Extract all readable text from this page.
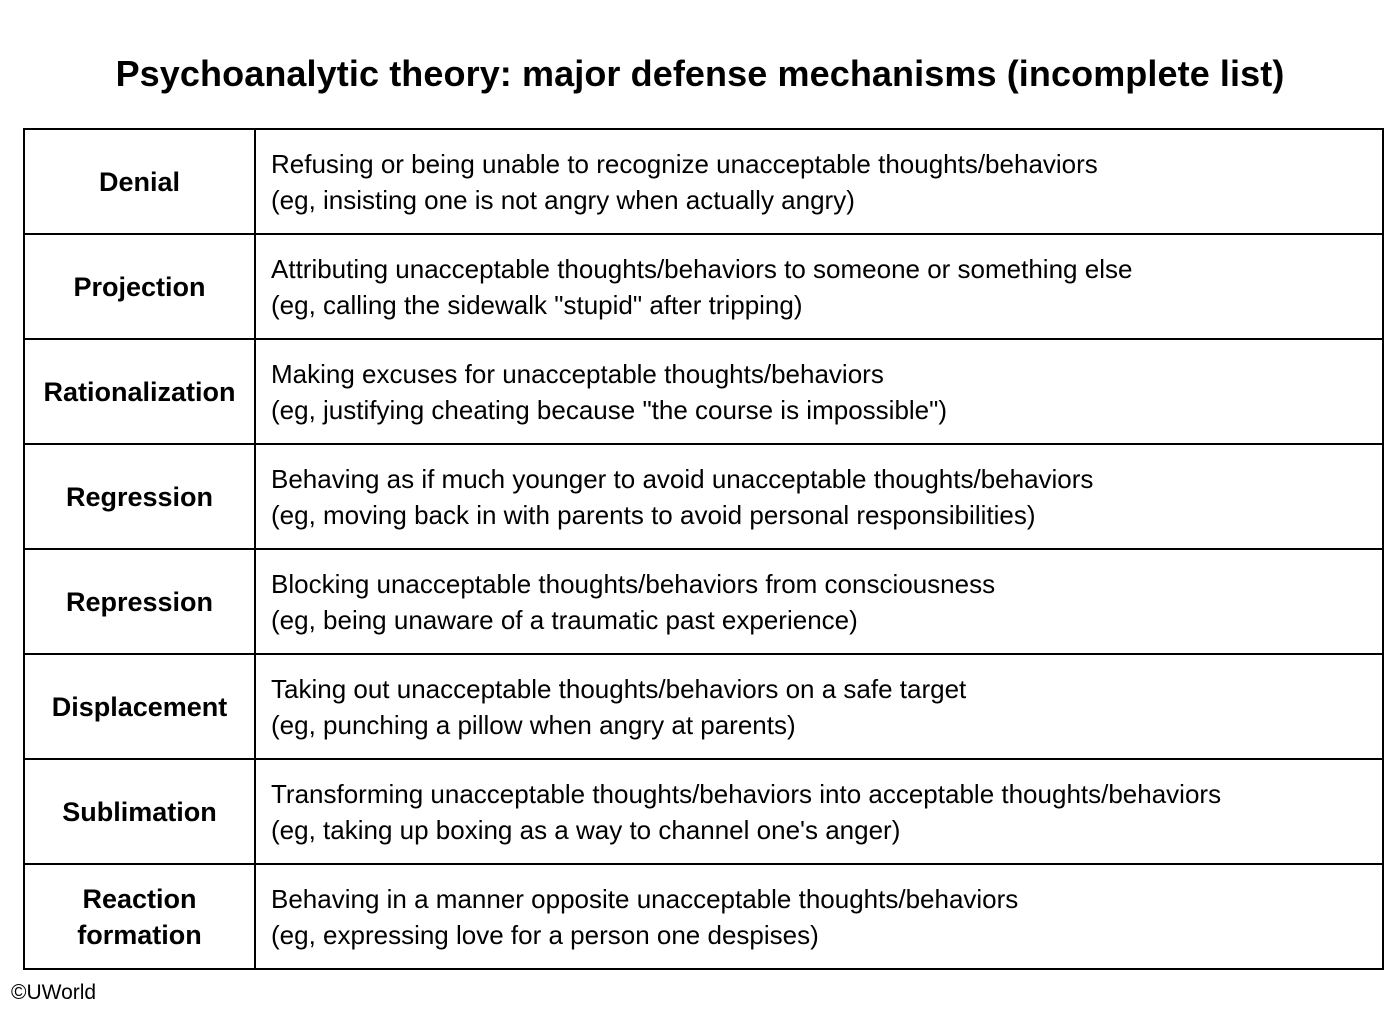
Psychoanalytic theory: major defense mechanisms (incomplete list)
Denial	Refusing or being unable to recognize unacceptable thoughts/behaviors
(eg, insisting one is not angry when actually angry)

Projection	Attributing unacceptable thoughts/behaviors to someone or something else
(eg, calling the sidewalk "stupid" after tripping)

Rationalization	Making excuses for unacceptable thoughts/behaviors
(eg, justifying cheating because "the course is impossible")

Regression	Behaving as if much younger to avoid unacceptable thoughts/behaviors
(eg, moving back in with parents to avoid personal responsibilities)

Repression	Blocking unacceptable thoughts/behaviors from consciousness
(eg, being unaware of a traumatic past experience)

Displacement	Taking out unacceptable thoughts/behaviors on a safe target
(eg, punching a pillow when angry at parents)

Sublimation	Transforming unacceptable thoughts/behaviors into acceptable thoughts/behaviors
(eg, taking up boxing as a way to channel one's anger)

Reaction
formation	Behaving in a manner opposite unacceptable thoughts/behaviors
(eg, expressing love for a person one despises)
©UWorld
